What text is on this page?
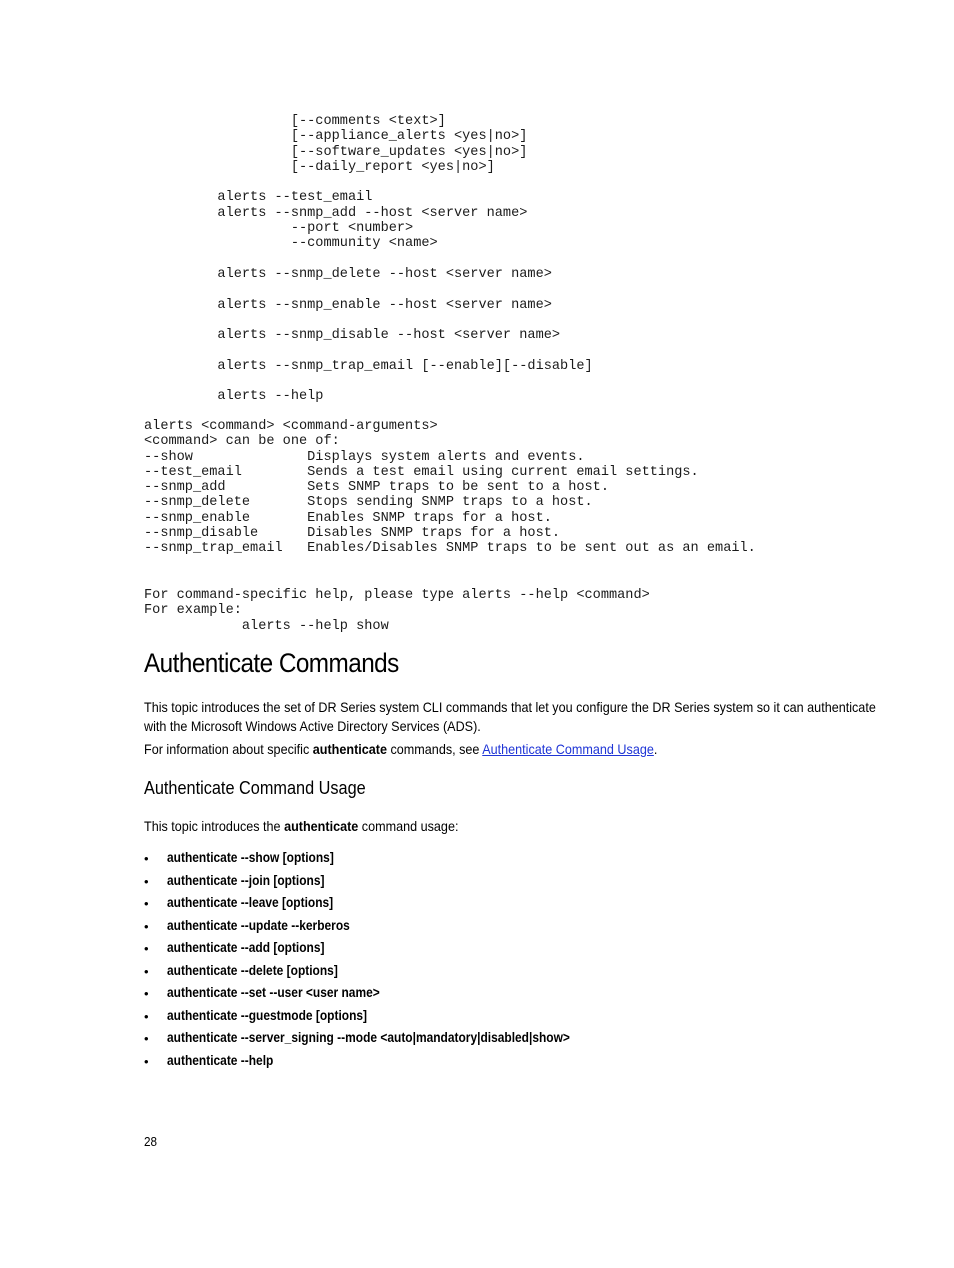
[--comments <text>]
[--appliance_alerts <yes|no>]
[--software_updates <yes|no>]
[--daily_report <yes|no>]

alerts --test_email
alerts --snmp_add --host <server name>
--port <number>
--community <name>

alerts --snmp_delete --host <server name>

alerts --snmp_enable --host <server name>

alerts --snmp_disable --host <server name>

alerts --snmp_trap_email [--enable][--disable]

alerts --help
alerts <command> <command-arguments>
<command> can be one of:
--show              Displays system alerts and events.
--test_email        Sends a test email using current email settings.
--snmp_add          Sets SNMP traps to be sent to a host.
--snmp_delete       Stops sending SNMP traps to a host.
--snmp_enable       Enables SNMP traps for a host.
--snmp_disable      Disables SNMP traps for a host.
--snmp_trap_email   Enables/Disables SNMP traps to be sent out as an email.
For command-specific help, please type alerts --help <command>
For example:
alerts --help show
Authenticate Commands

This topic introduces the set of DR Series system CLI commands that let you configure the DR Series system so it can authenticate with the Microsoft Windows Active Directory Services (ADS).

For information about specific authenticate commands, see Authenticate Command Usage.

Authenticate Command Usage

This topic introduces the authenticate command usage:

• authenticate --show [options]
• authenticate --join [options]
• authenticate --leave [options]
• authenticate --update --kerberos
• authenticate --add [options]
• authenticate --delete [options]
• authenticate --set --user <user name>
• authenticate --guestmode [options]
• authenticate --server_signing --mode <auto|mandatory|disabled|show>
• authenticate --help
28
